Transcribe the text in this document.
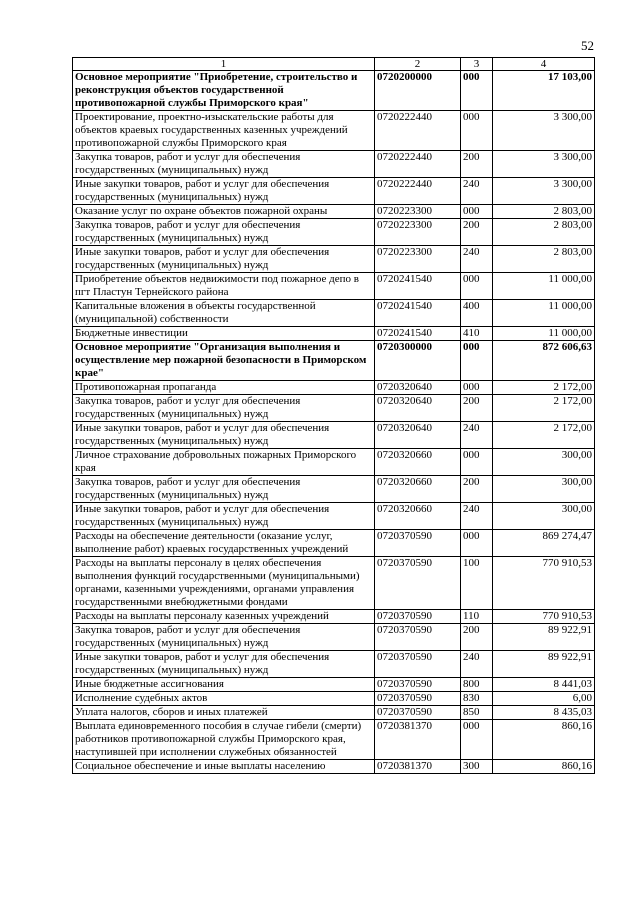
52
1	2	3	4
Основное мероприятие "Приобретение, строительство и реконструкция объектов государственной противопожарной службы Приморского края"	0720200000	000	17 103,00
Проектирование, проектно-изыскательские работы для объектов краевых государственных казенных учреждений противопожарной службы Приморского края	0720222440	000	3 300,00
Закупка товаров, работ и услуг для обеспечения государственных (муниципальных) нужд	0720222440	200	3 300,00
Иные закупки товаров, работ и услуг для обеспечения государственных (муниципальных) нужд	0720222440	240	3 300,00
Оказание услуг по охране объектов пожарной охраны	0720223300	000	2 803,00
Закупка товаров, работ и услуг для обеспечения государственных (муниципальных) нужд	0720223300	200	2 803,00
Иные закупки товаров, работ и услуг для обеспечения государственных (муниципальных) нужд	0720223300	240	2 803,00
Приобретение объектов недвижимости под пожарное депо в пгт Пластун Тернейского района	0720241540	000	11 000,00
Капитальные вложения в объекты государственной (муниципальной) собственности	0720241540	400	11 000,00
Бюджетные инвестиции	0720241540	410	11 000,00
Основное мероприятие "Организация выполнения и осуществление мер пожарной безопасности в Приморском крае"	0720300000	000	872 606,63
Противопожарная пропаганда	0720320640	000	2 172,00
Закупка товаров, работ и услуг для обеспечения государственных (муниципальных) нужд	0720320640	200	2 172,00
Иные закупки товаров, работ и услуг для обеспечения государственных (муниципальных) нужд	0720320640	240	2 172,00
Личное страхование добровольных пожарных Приморского края	0720320660	000	300,00
Закупка товаров, работ и услуг для обеспечения государственных (муниципальных) нужд	0720320660	200	300,00
Иные закупки товаров, работ и услуг для обеспечения государственных (муниципальных) нужд	0720320660	240	300,00
Расходы на обеспечение деятельности (оказание услуг, выполнение работ) краевых государственных учреждений	0720370590	000	869 274,47
Расходы на выплаты персоналу в целях обеспечения выполнения функций государственными (муниципальными) органами, казенными учреждениями, органами управления государственными внебюджетными фондами	0720370590	100	770 910,53
Расходы на выплаты персоналу казенных учреждений	0720370590	110	770 910,53
Закупка товаров, работ и услуг для обеспечения государственных (муниципальных) нужд	0720370590	200	89 922,91
Иные закупки товаров, работ и услуг для обеспечения государственных (муниципальных) нужд	0720370590	240	89 922,91
Иные бюджетные ассигнования	0720370590	800	8 441,03
Исполнение судебных актов	0720370590	830	6,00
Уплата налогов, сборов и иных платежей	0720370590	850	8 435,03
Выплата единовременного пособия в случае гибели (смерти) работников противопожарной службы Приморского края, наступившей при исполнении служебных обязанностей	0720381370	000	860,16
Социальное обеспечение и иные выплаты населению	0720381370	300	860,16
